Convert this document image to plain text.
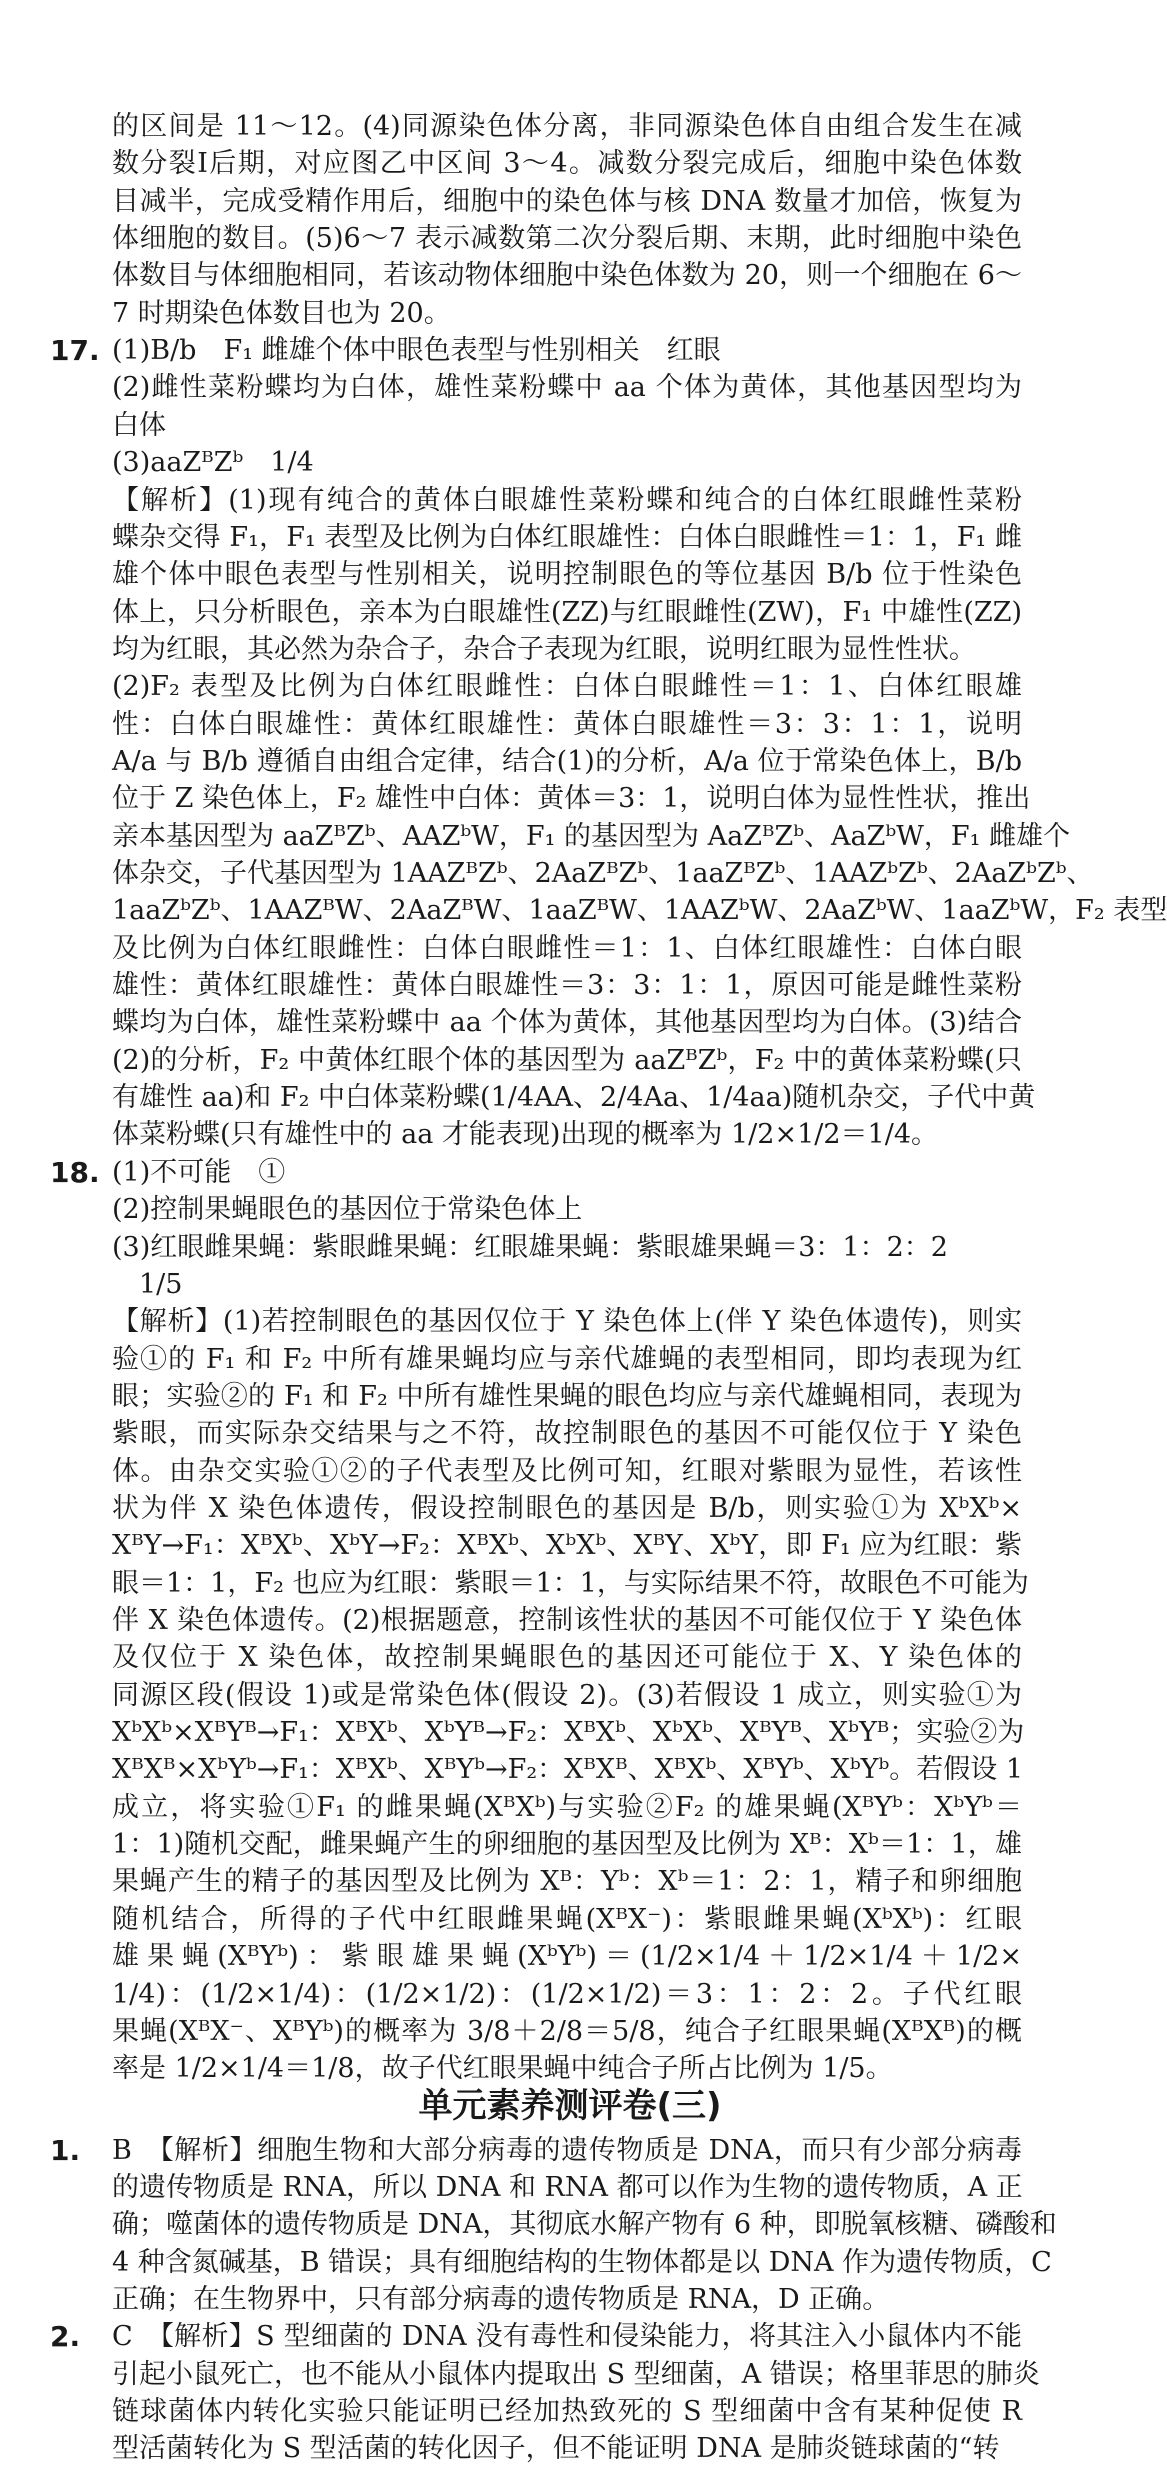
的区间是 11～12。(4)同源染色体分离，非同源染色体自由组合发生在减
数分裂Ⅰ后期，对应图乙中区间 3～4。减数分裂完成后，细胞中染色体数
目减半，完成受精作用后，细胞中的染色体与核 DNA 数量才加倍，恢复为
体细胞的数目。(5)6～7 表示减数第二次分裂后期、末期，此时细胞中染色
体数目与体细胞相同，若该动物体细胞中染色体数为 20，则一个细胞在 6～
7 时期染色体数目也为 20。
(1)B/b　F₁ 雌雄个体中眼色表型与性别相关　红眼
17.
(2)雌性菜粉蝶均为白体，雄性菜粉蝶中 aa 个体为黄体，其他基因型均为
白体
(3)aaZᴮZᵇ　1/4
【解析】(1)现有纯合的黄体白眼雄性菜粉蝶和纯合的白体红眼雌性菜粉
蝶杂交得 F₁，F₁ 表型及比例为白体红眼雄性：白体白眼雌性＝1：1，F₁ 雌
雄个体中眼色表型与性别相关，说明控制眼色的等位基因 B/b 位于性染色
体上，只分析眼色，亲本为白眼雄性(ZZ)与红眼雌性(ZW)，F₁ 中雄性(ZZ)
均为红眼，其必然为杂合子，杂合子表现为红眼，说明红眼为显性性状。
(2)F₂ 表型及比例为白体红眼雌性：白体白眼雌性＝1：1、白体红眼雄
性：白体白眼雄性：黄体红眼雄性：黄体白眼雄性＝3：3：1：1，说明
A/a 与 B/b 遵循自由组合定律，结合(1)的分析，A/a 位于常染色体上，B/b
位于 Z 染色体上，F₂ 雄性中白体：黄体＝3：1，说明白体为显性性状，推出
亲本基因型为 aaZᴮZᵇ、AAZᵇW，F₁ 的基因型为 AaZᴮZᵇ、AaZᵇW，F₁ 雌雄个
体杂交，子代基因型为 1AAZᴮZᵇ、2AaZᴮZᵇ、1aaZᴮZᵇ、1AAZᵇZᵇ、2AaZᵇZᵇ、
1aaZᵇZᵇ、1AAZᴮW、2AaZᴮW、1aaZᴮW、1AAZᵇW、2AaZᵇW、1aaZᵇW，F₂ 表型
及比例为白体红眼雌性：白体白眼雌性＝1：1、白体红眼雄性：白体白眼
雄性：黄体红眼雄性：黄体白眼雄性＝3：3：1：1，原因可能是雌性菜粉
蝶均为白体，雄性菜粉蝶中 aa 个体为黄体，其他基因型均为白体。(3)结合
(2)的分析，F₂ 中黄体红眼个体的基因型为 aaZᴮZᵇ，F₂ 中的黄体菜粉蝶(只
有雄性 aa)和 F₂ 中白体菜粉蝶(1/4AA、2/4Aa、1/4aa)随机杂交，子代中黄
体菜粉蝶(只有雄性中的 aa 才能表现)出现的概率为 1/2×1/2＝1/4。
(1)不可能　①
18.
(2)控制果蝇眼色的基因位于常染色体上
(3)红眼雌果蝇：紫眼雌果蝇：红眼雄果蝇：紫眼雄果蝇＝3：1：2：2
　1/5
【解析】(1)若控制眼色的基因仅位于 Y 染色体上(伴 Y 染色体遗传)，则实
验①的 F₁ 和 F₂ 中所有雄果蝇均应与亲代雄蝇的表型相同，即均表现为红
眼；实验②的 F₁ 和 F₂ 中所有雄性果蝇的眼色均应与亲代雄蝇相同，表现为
紫眼，而实际杂交结果与之不符，故控制眼色的基因不可能仅位于 Y 染色
体。由杂交实验①②的子代表型及比例可知，红眼对紫眼为显性，若该性
状为伴 X 染色体遗传，假设控制眼色的基因是 B/b，则实验①为 XᵇXᵇ×
XᴮY→F₁：XᴮXᵇ、XᵇY→F₂：XᴮXᵇ、XᵇXᵇ、XᴮY、XᵇY，即 F₁ 应为红眼：紫
眼＝1：1，F₂ 也应为红眼：紫眼＝1：1，与实际结果不符，故眼色不可能为
伴 X 染色体遗传。(2)根据题意，控制该性状的基因不可能仅位于 Y 染色体
及仅位于 X 染色体，故控制果蝇眼色的基因还可能位于 X、Y 染色体的
同源区段(假设 1)或是常染色体(假设 2)。(3)若假设 1 成立，则实验①为
XᵇXᵇ×XᴮYᴮ→F₁：XᴮXᵇ、XᵇYᴮ→F₂：XᴮXᵇ、XᵇXᵇ、XᴮYᴮ、XᵇYᴮ；实验②为
XᴮXᴮ×XᵇYᵇ→F₁：XᴮXᵇ、XᴮYᵇ→F₂：XᴮXᴮ、XᴮXᵇ、XᴮYᵇ、XᵇYᵇ。若假设 1
成立，将实验①F₁ 的雌果蝇(XᴮXᵇ)与实验②F₂ 的雄果蝇(XᴮYᵇ：XᵇYᵇ＝
1：1)随机交配，雌果蝇产生的卵细胞的基因型及比例为 Xᴮ：Xᵇ＝1：1，雄
果蝇产生的精子的基因型及比例为 Xᴮ：Yᵇ：Xᵇ＝1：2：1，精子和卵细胞
随机结合，所得的子代中红眼雌果蝇(XᴮX⁻)：紫眼雌果蝇(XᵇXᵇ)：红眼
雄果蝇(XᴮYᵇ)：紫眼雄果蝇(XᵇYᵇ)＝(1/2×1/4＋1/2×1/4＋1/2×
1/4)：(1/2×1/4)：(1/2×1/2)：(1/2×1/2)＝3：1：2：2。子代红眼
果蝇(XᴮX⁻、XᴮYᵇ)的概率为 3/8＋2/8＝5/8，纯合子红眼果蝇(XᴮXᴮ)的概
率是 1/2×1/4＝1/8，故子代红眼果蝇中纯合子所占比例为 1/5。
B　【解析】细胞生物和大部分病毒的遗传物质是 DNA，而只有少部分病毒
1.
的遗传物质是 RNA，所以 DNA 和 RNA 都可以作为生物的遗传物质，A 正
确；噬菌体的遗传物质是 DNA，其彻底水解产物有 6 种，即脱氧核糖、磷酸和
4 种含氮碱基，B 错误；具有细胞结构的生物体都是以 DNA 作为遗传物质，C
正确；在生物界中，只有部分病毒的遗传物质是 RNA，D 正确。
C　【解析】S 型细菌的 DNA 没有毒性和侵染能力，将其注入小鼠体内不能
2.
引起小鼠死亡，也不能从小鼠体内提取出 S 型细菌，A 错误；格里菲思的肺炎
链球菌体内转化实验只能证明已经加热致死的 S 型细菌中含有某种促使 R
型活菌转化为 S 型活菌的转化因子，但不能证明 DNA 是肺炎链球菌的“转
单元素养测评卷(三)
